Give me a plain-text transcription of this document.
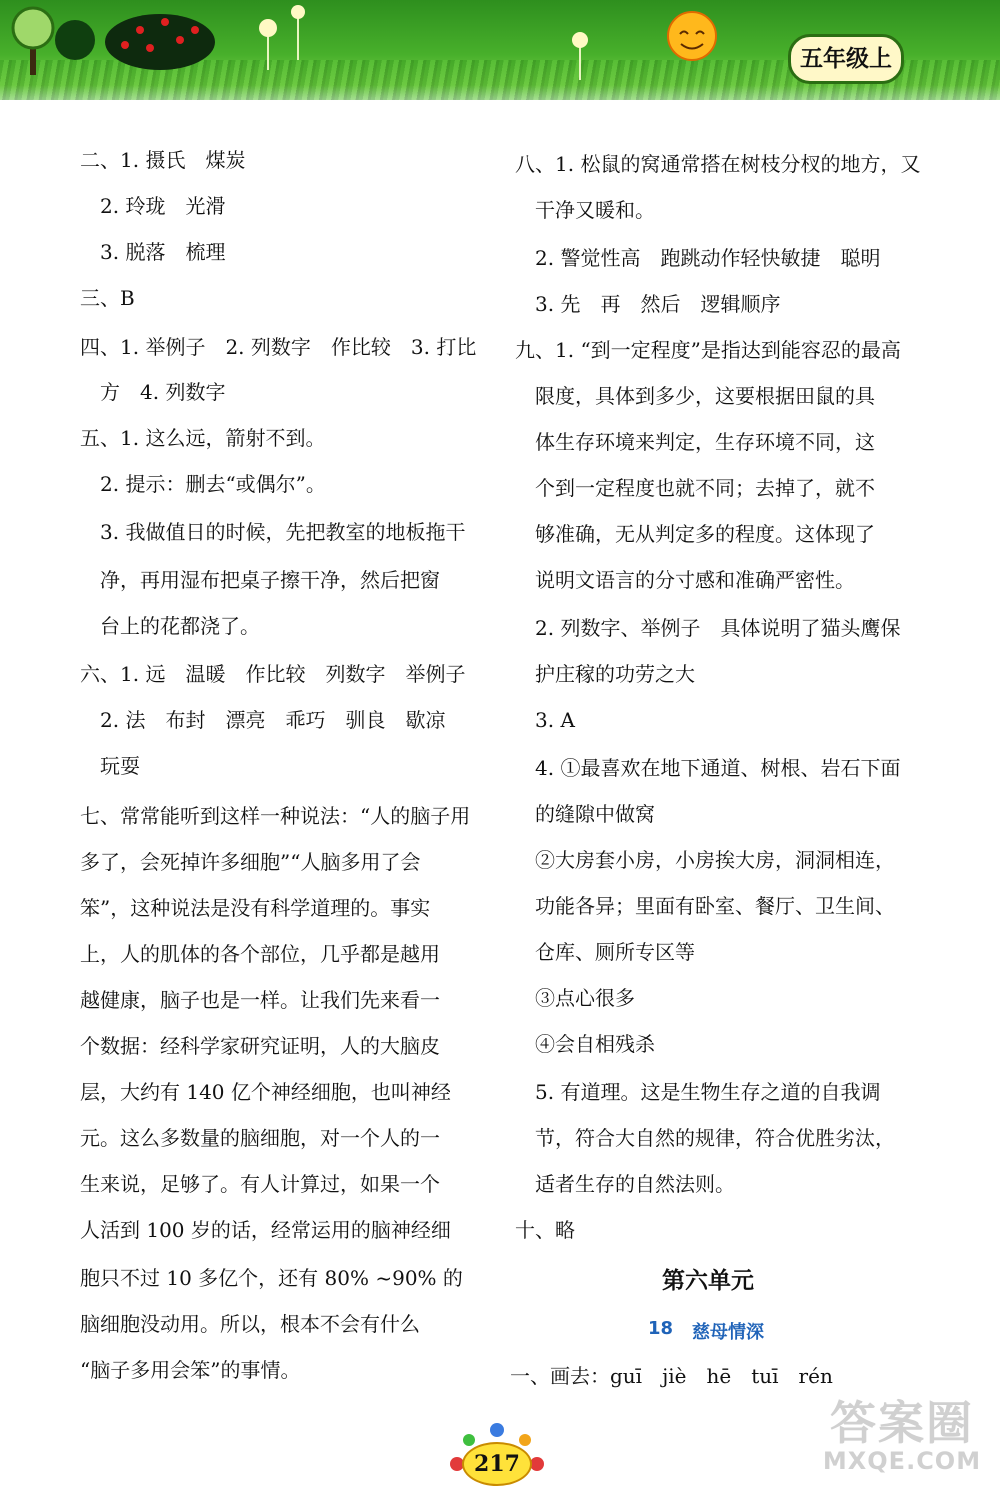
五年级上
二、1. 摄氏　煤炭
　2. 玲珑　光滑
　3. 脱落　梳理
三、B
四、1. 举例子　2. 列数字　作比较　3. 打比
　方　4. 列数字
五、1. 这么远，箭射不到。
　2. 提示：删去“或偶尔”。
　3. 我做值日的时候，先把教室的地板拖干
　净，再用湿布把桌子擦干净，然后把窗
　台上的花都浇了。
六、1. 远　温暖　作比较　列数字　举例子
　2. 法　布封　漂亮　乖巧　驯良　歇凉
　玩耍
七、常常能听到这样一种说法：“人的脑子用
多了，会死掉许多细胞”“人脑多用了会
笨”，这种说法是没有科学道理的。事实
上，人的肌体的各个部位，几乎都是越用
越健康，脑子也是一样。让我们先来看一
个数据：经科学家研究证明，人的大脑皮
层，大约有 140 亿个神经细胞，也叫神经
元。这么多数量的脑细胞，对一个人的一
生来说，足够了。有人计算过，如果一个
人活到 100 岁的话，经常运用的脑神经细
胞只不过 10 多亿个，还有 80% ~90% 的
脑细胞没动用。所以，根本不会有什么
“脑子多用会笨”的事情。
八、1. 松鼠的窝通常搭在树枝分杈的地方，又
　干净又暖和。
　2. 警觉性高　跑跳动作轻快敏捷　聪明
　3. 先　再　然后　逻辑顺序
九、1. “到一定程度”是指达到能容忍的最高
　限度，具体到多少，这要根据田鼠的具
　体生存环境来判定，生存环境不同，这
　个到一定程度也就不同；去掉了，就不
　够准确，无从判定多的程度。这体现了
　说明文语言的分寸感和准确严密性。
　2. 列数字、举例子　具体说明了猫头鹰保
　护庄稼的功劳之大
　3. A
　4. ①最喜欢在地下通道、树根、岩石下面
　的缝隙中做窝
　②大房套小房，小房挨大房，洞洞相连，
　功能各异；里面有卧室、餐厅、卫生间、
　仓库、厕所专区等
　③点心很多
　④会自相残杀
　5. 有道理。这是生物生存之道的自我调
　节，符合大自然的规律，符合优胜劣汰，
　适者生存的自然法则。
十、略
第六单元
18 慈母情深
一、画去：guī　jiè　hē　tuī　rén
217
答案圈
MXQE.COM
